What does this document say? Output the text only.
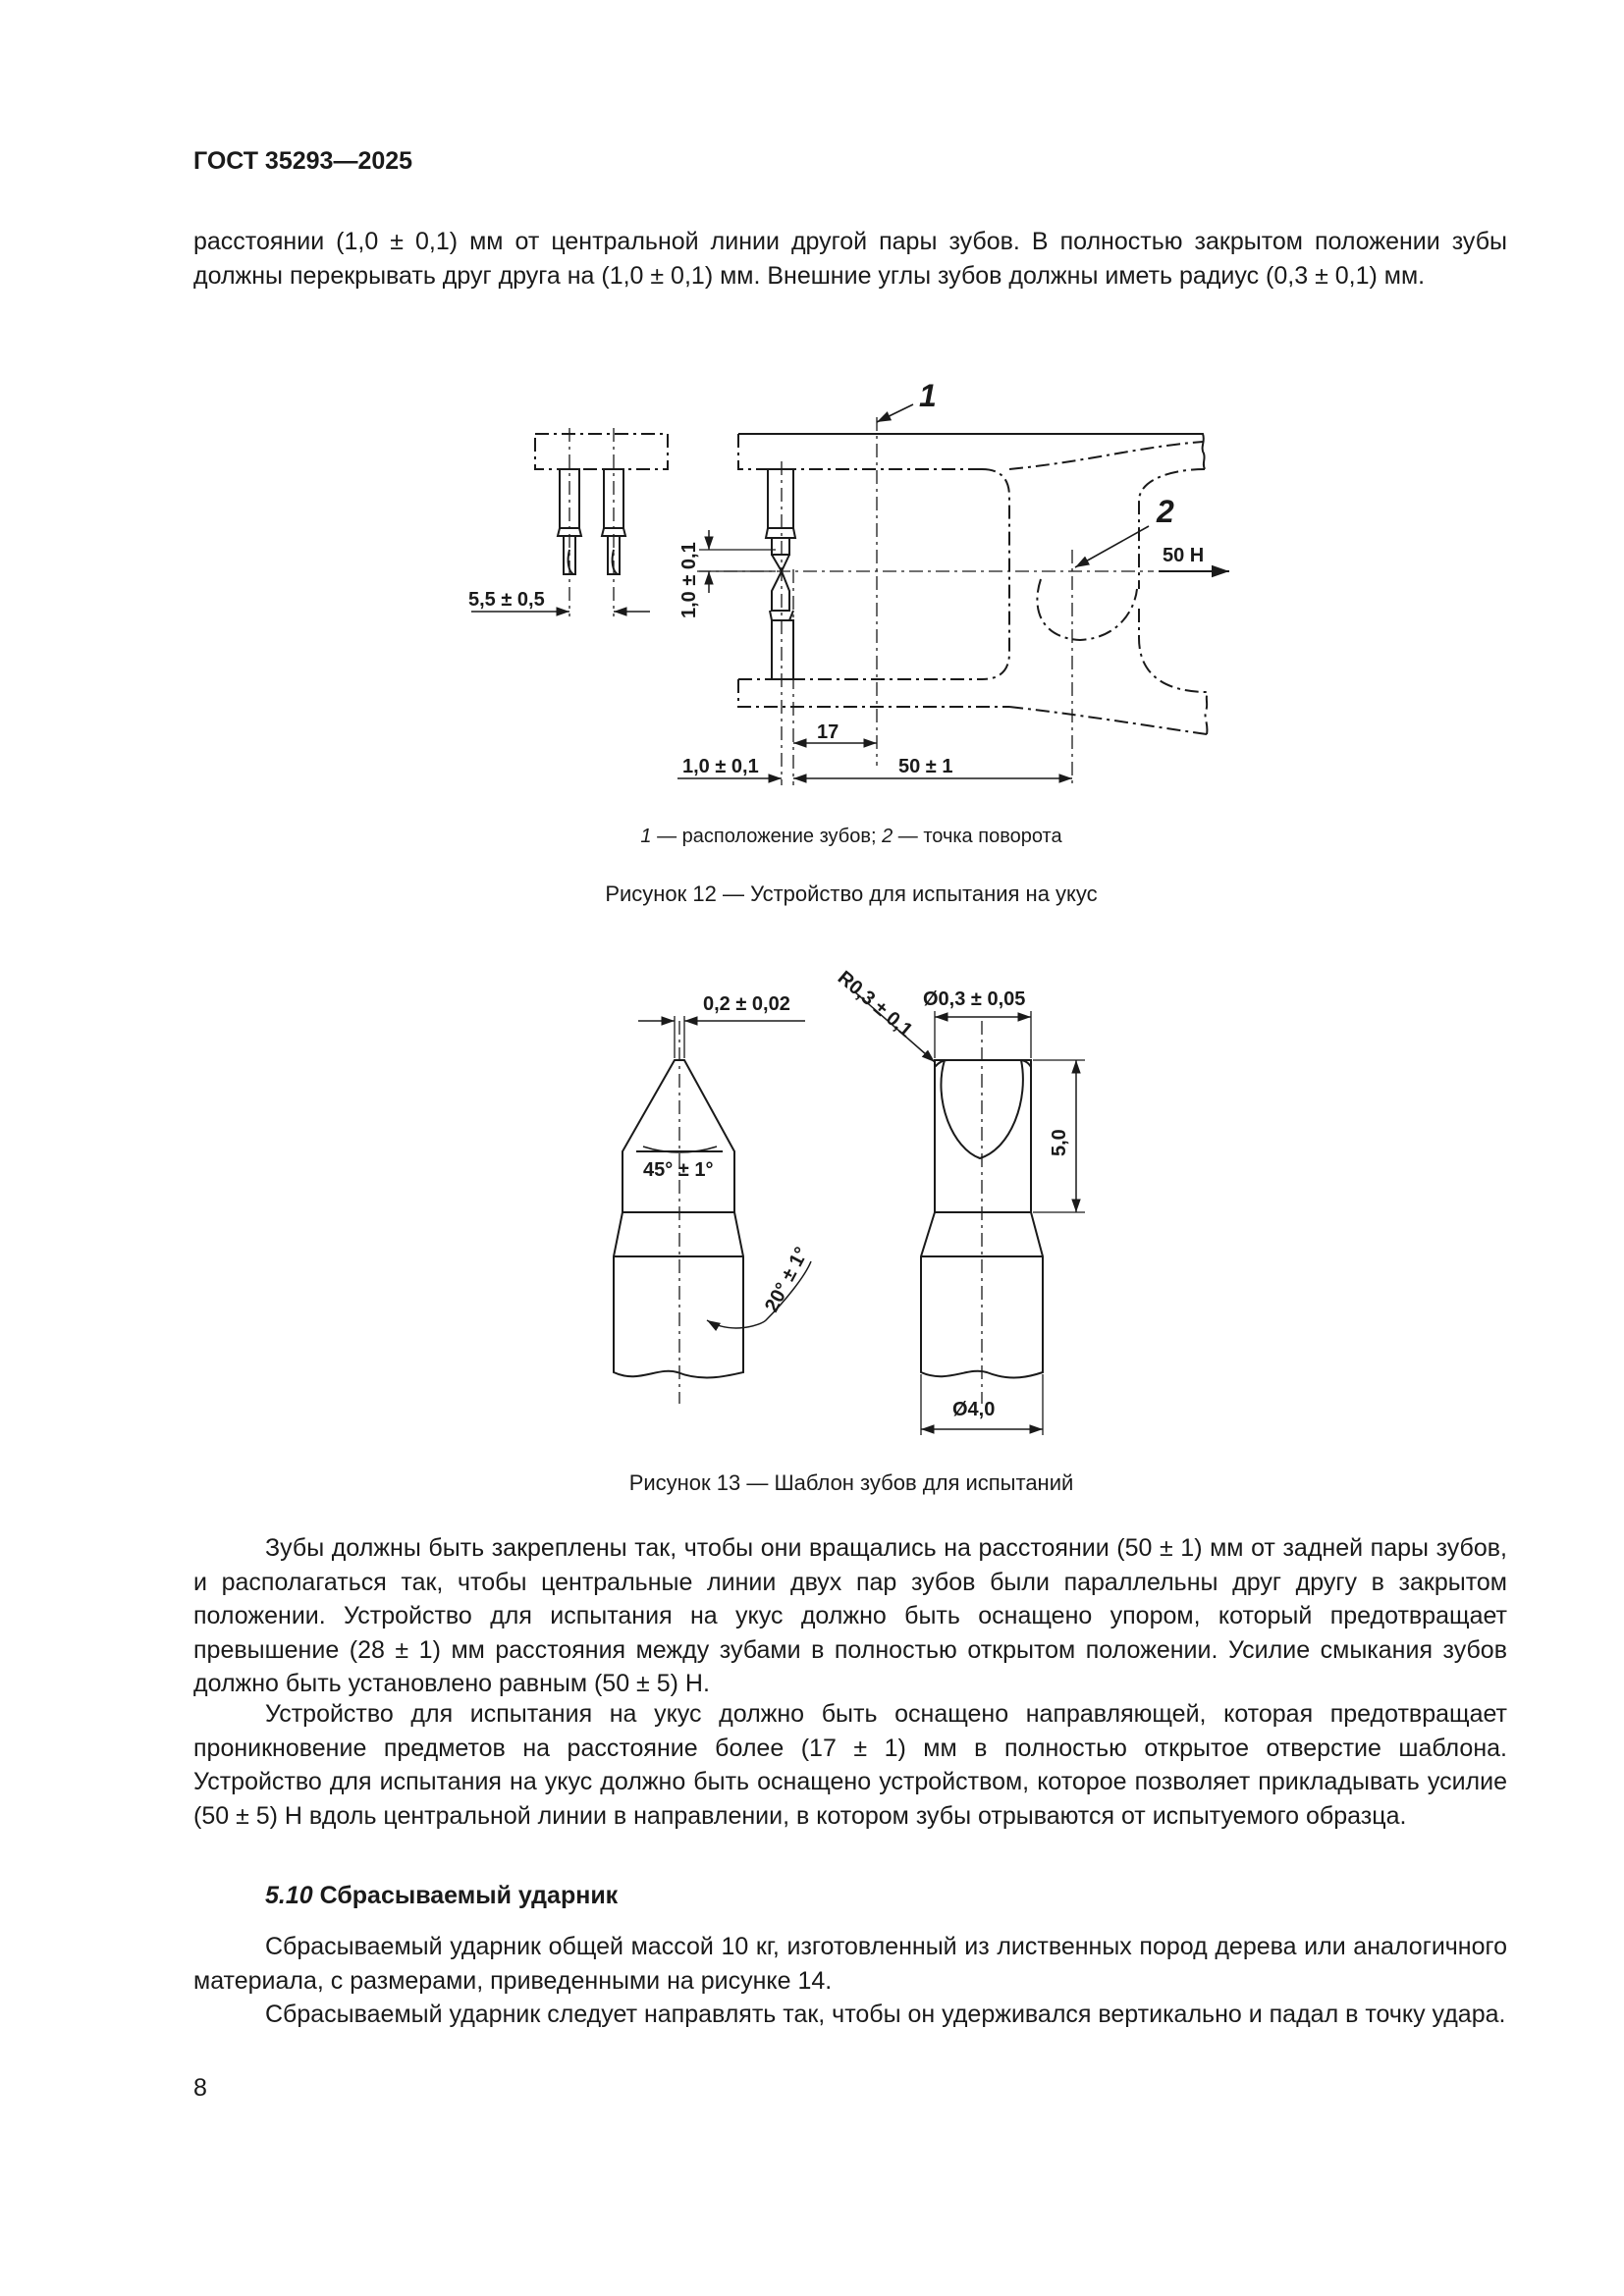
ГОСТ 35293—2025

расстоянии (1,0 ± 0,1) мм от центральной линии другой пары зубов. В полностью закрытом положении зубы должны перекрывать друг друга на (1,0 ± 0,1) мм. Внешние углы зубов должны иметь радиус (0,3 ± 0,1) мм.

5,5 ± 0,5	1,0 ± 0,1
1
2
50 Н
17
1,0 ± 0,1	50 ± 1
0,2 ± 0,02
45° ± 1°
20° ± 1°
R0,3 ± 0,1 Ø0,3 ± 0,05
5,0
Ø4,0
1 — расположение зубов; 2 — точка поворота
Рисунок 12 — Устройство для испытания на укус
Рисунок 13 — Шаблон зубов для испытаний

Зубы должны быть закреплены так, чтобы они вращались на расстоянии (50 ± 1) мм от задней пары зубов, и располагаться так, чтобы центральные линии двух пар зубов были параллельны друг другу в закрытом положении. Устройство для испытания на укус должно быть оснащено упором, который предотвращает превышение (28 ± 1) мм расстояния между зубами в полностью открытом положении. Усилие смыкания зубов должно быть установлено равным (50 ± 5) Н.

Устройство для испытания на укус должно быть оснащено направляющей, которая предотвращает проникновение предметов на расстояние более (17 ± 1) мм в полностью открытое отверстие шаблона. Устройство для испытания на укус должно быть оснащено устройством, которое позволяет прикладывать усилие (50 ± 5) Н вдоль центральной линии в направлении, в котором зубы отрываются от испытуемого образца.

5.10 Сбрасываемый ударник

Сбрасываемый ударник общей массой 10 кг, изготовленный из лиственных пород дерева или аналогичного материала, с размерами, приведенными на рисунке 14.

Сбрасываемый ударник следует направлять так, чтобы он удерживался вертикально и падал в точку удара.

8
